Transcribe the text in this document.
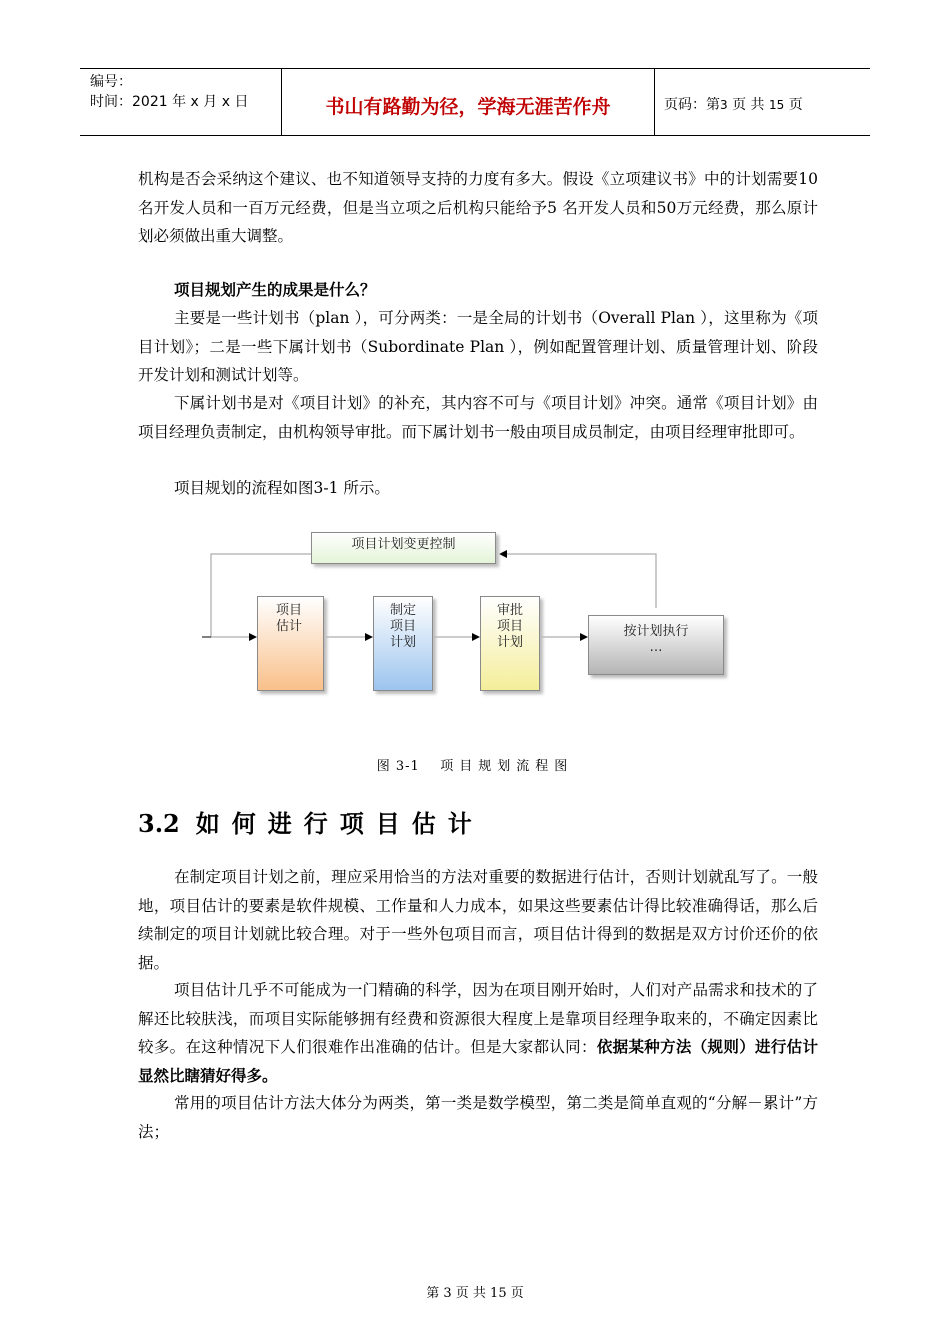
编号：
时间：2021 年 x 月 x 日	书山有路勤为径，学海无涯苦作舟	页码：第3 页 共 15 页
机构是否会采纳这个建议、也不知道领导支持的力度有多大。假设《立项建议书》中的计划需要10名开发人员和一百万元经费，但是当立项之后机构只能给予5 名开发人员和50万元经费，那么原计划必须做出重大调整。
项目规划产生的成果是什么？
主要是一些计划书（plan ），可分两类：一是全局的计划书（Overall Plan ），这里称为《项目计划》；二是一些下属计划书（Subordinate Plan ），例如配置管理计划、质量管理计划、阶段开发计划和测试计划等。
下属计划书是对《项目计划》的补充，其内容不可与《项目计划》冲突。通常《项目计划》由项目经理负责制定，由机构领导审批。而下属计划书一般由项目成员制定，由项目经理审批即可。
项目规划的流程如图3-1 所示。
项目计划变更控制
项目
估计
制定
项目
计划
审批
项目
计划
按计划执行
…
图 3-1 项目规划流程图
3.2 如何进行项目估计
在制定项目计划之前，理应采用恰当的方法对重要的数据进行估计，否则计划就乱写了。一般地，项目估计的要素是软件规模、工作量和人力成本，如果这些要素估计得比较准确得话，那么后续制定的项目计划就比较合理。对于一些外包项目而言，项目估计得到的数据是双方讨价还价的依据。
项目估计几乎不可能成为一门精确的科学，因为在项目刚开始时，人们对产品需求和技术的了解还比较肤浅，而项目实际能够拥有经费和资源很大程度上是靠项目经理争取来的，不确定因素比较多。在这种情况下人们很难作出准确的估计。但是大家都认同：依据某种方法（规则）进行估计显然比瞎猜好得多。
常用的项目估计方法大体分为两类，第一类是数学模型，第二类是简单直观的“分解－累计”方法；
第 3 页 共 15 页
